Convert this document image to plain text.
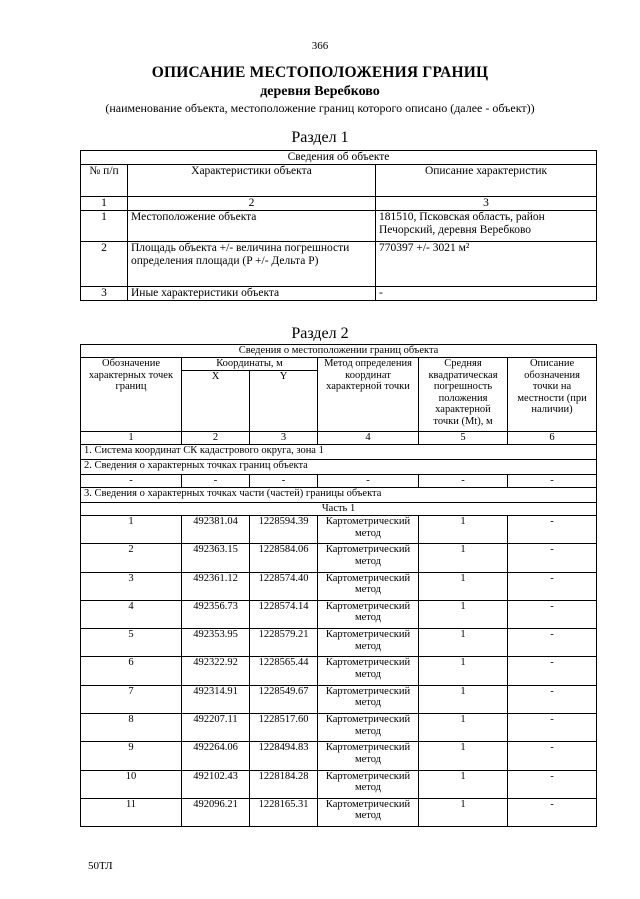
366
ОПИСАНИЕ МЕСТОПОЛОЖЕНИЯ ГРАНИЦ
деревня Веребково
(наименование объекта, местоположение границ которого описано (далее - объект))
Раздел 1
Сведения об объекте		
№ п/п	Характеристики объекта	Описание характеристик
1	2	3
1	Местоположение объекта	181510, Псковская область, район Печорский, деревня Веребково
2	Площадь объекта +/- величина погрешности определения площади (P +/- Дельта P)	770397 +/- 3021 м²
3	Иные характеристики объекта	-
Раздел 2
Сведения о местоположении границ объекта					
Обозначение характерных точек границ	Координаты, м		Метод определения координат характерной точки	Средняя квадратическая погрешность положения характерной точки (Mt), м	Описание обозначения точки на местности (при наличии)
	X	Y			
1	2	3	4	5	6
1. Система координат СК кадастрового округа, зона 1					
2. Сведения о характерных точках границ объекта					
-	-	-	-	-	-
3. Сведения о характерных точках части (частей) границы объекта					
Часть 1					
1	492381.04	1228594.39	Картометрический метод	1	-
2	492363.15	1228584.06	Картометрический метод	1	-
3	492361.12	1228574.40	Картометрический метод	1	-
4	492356.73	1228574.14	Картометрический метод	1	-
5	492353.95	1228579.21	Картометрический метод	1	-
6	492322.92	1228565.44	Картометрический метод	1	-
7	492314.91	1228549.67	Картометрический метод	1	-
8	492207.11	1228517.60	Картометрический метод	1	-
9	492264.06	1228494.83	Картометрический метод	1	-
10	492102.43	1228184.28	Картометрический метод	1	-
11	492096.21	1228165.31	Картометрический метод	1	-
50ТЛ
